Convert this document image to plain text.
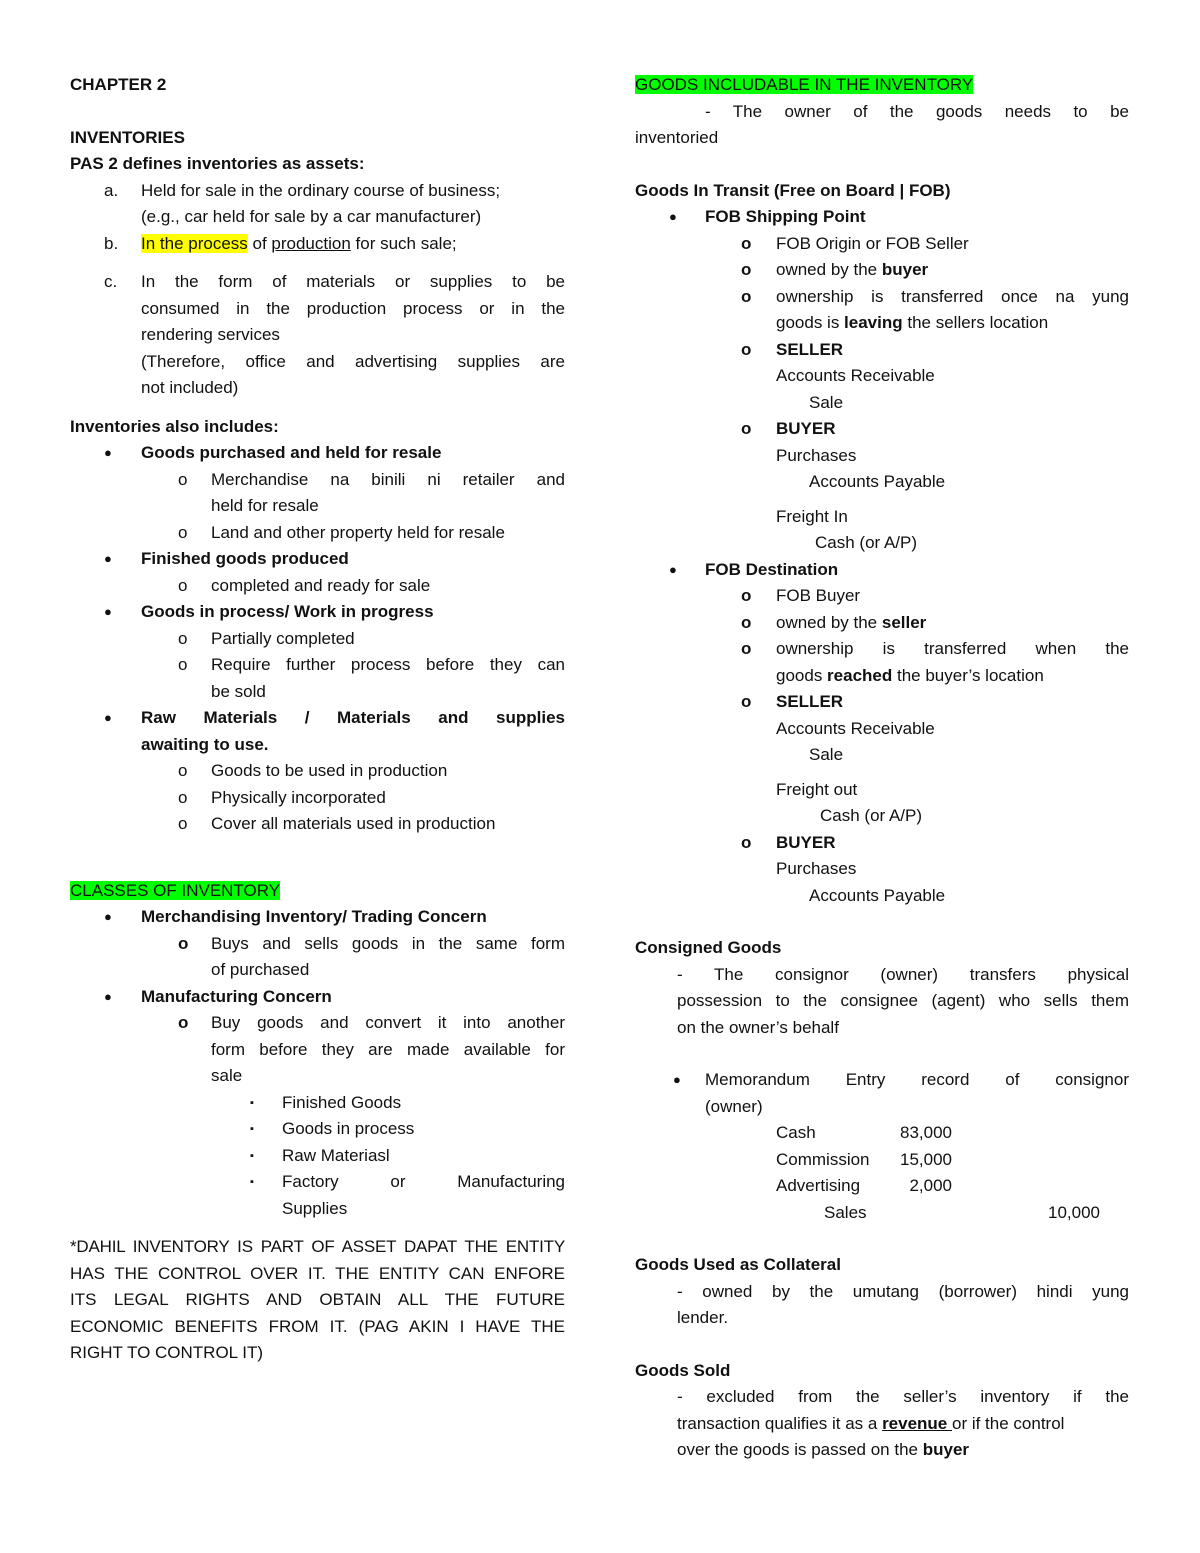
CHAPTER 2
INVENTORIES
PAS 2 defines inventories as assets:
a. Held for sale in the ordinary course of business;
(e.g., car held for sale by a car manufacturer)
b. In the process of production for such sale;
c. In the form of materials or supplies to be
consumed in the production process or in the
rendering services
(Therefore, office and advertising supplies are
not included)
Inventories also includes:
● Goods purchased and held for resale
o Merchandise na binili ni retailer and
held for resale
o Land and other property held for resale
● Finished goods produced
o completed and ready for sale
● Goods in process/ Work in progress
o Partially completed
o Require further process before they can
be sold
● Raw Materials / Materials and supplies
awaiting to use.
o Goods to be used in production
o Physically incorporated
o Cover all materials used in production
CLASSES OF INVENTORY
● Merchandising Inventory/ Trading Concern
o Buys and sells goods in the same form
of purchased
● Manufacturing Concern
o Buy goods and convert it into another
form before they are made available for
sale
▪ Finished Goods
▪ Goods in process
▪ Raw Materiasl
▪ Factory or Manufacturing
Supplies
*DAHIL INVENTORY IS PART OF ASSET DAPAT THE ENTITY
HAS THE CONTROL OVER IT. THE ENTITY CAN ENFORE
ITS LEGAL RIGHTS AND OBTAIN ALL THE FUTURE
ECONOMIC BENEFITS FROM IT. (PAG AKIN I HAVE THE
RIGHT TO CONTROL IT)
GOODS INCLUDABLE IN THE INVENTORY
- The owner of the goods needs to be
inventoried
Goods In Transit (Free on Board | FOB)
● FOB Shipping Point
o FOB Origin or FOB Seller
o owned by the buyer
o ownership is transferred once na yung
goods is leaving the sellers location
o SELLER
Accounts Receivable
Sale
o BUYER
Purchases
Accounts Payable
Freight In
Cash (or A/P)
● FOB Destination
o FOB Buyer
o owned by the seller
o ownership is transferred when the
goods reached the buyer’s location
o SELLER
Accounts Receivable
Sale
Freight out
Cash (or A/P)
o BUYER
Purchases
Accounts Payable
Consigned Goods
- The consignor (owner) transfers physical
possession to the consignee (agent) who sells them
on the owner’s behalf
● Memorandum Entry record of consignor
(owner)
Cash	83,000
Commission 15,000
Advertising	2,000
Sales	10,000
Goods Used as Collateral
- owned by the umutang (borrower) hindi yung
lender.
Goods Sold
- excluded from the seller’s inventory if the
transaction qualifies it as a revenue or if the control
over the goods is passed on the buyer
